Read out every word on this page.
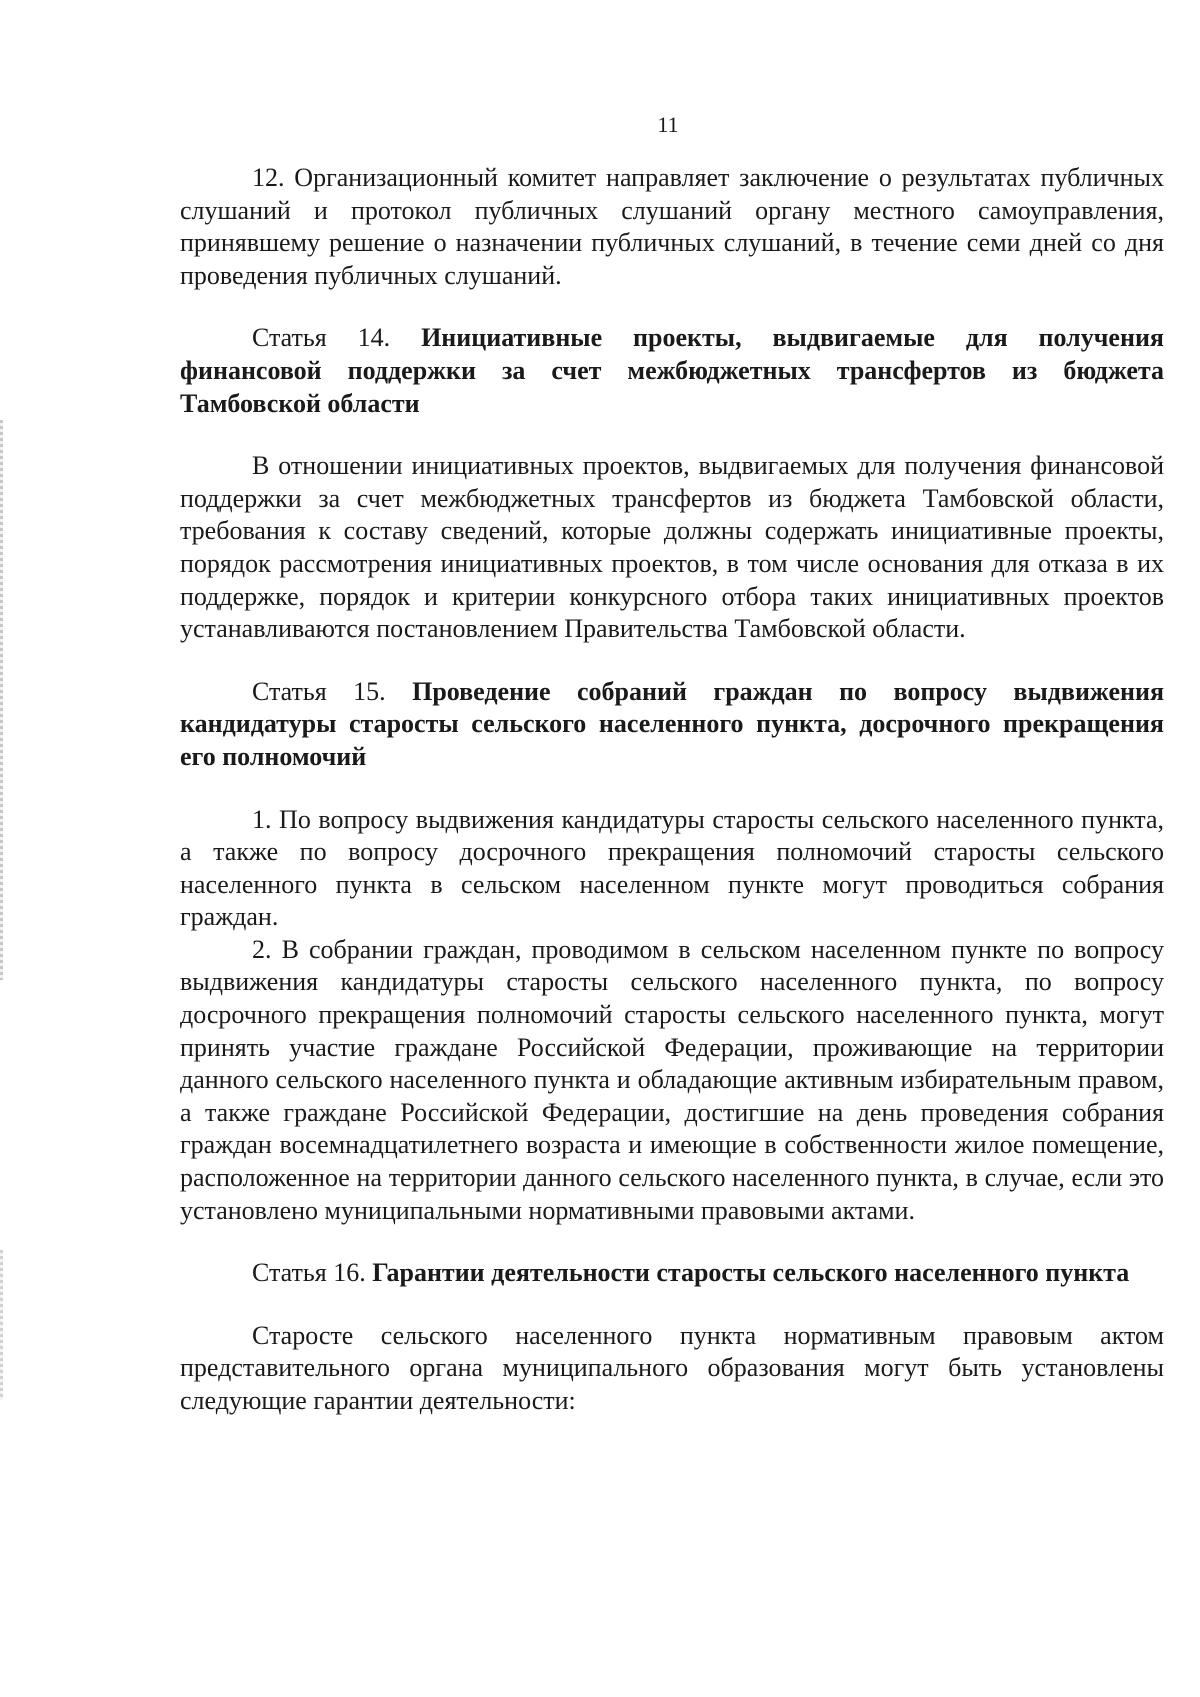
11

12. Организационный комитет направляет заключение о результатах публичных слушаний и протокол публичных слушаний органу местного самоуправления, принявшему решение о назначении публичных слушаний, в течение семи дней со дня проведения публичных слушаний.

Статья 14. Инициативные проекты, выдвигаемые для получения финансовой поддержки за счет межбюджетных трансфертов из бюджета Тамбовской области

В отношении инициативных проектов, выдвигаемых для получения финансовой поддержки за счет межбюджетных трансфертов из бюджета Тамбовской области, требования к составу сведений, которые должны содержать инициативные проекты, порядок рассмотрения инициативных проектов, в том числе основания для отказа в их поддержке, порядок и критерии конкурсного отбора таких инициативных проектов устанавливаются постановлением Правительства Тамбовской области.

Статья 15. Проведение собраний граждан по вопросу выдвижения кандидатуры старосты сельского населенного пункта, досрочного прекращения его полномочий

1. По вопросу выдвижения кандидатуры старосты сельского населенного пункта, а также по вопросу досрочного прекращения полномочий старосты сельского населенного пункта в сельском населенном пункте могут проводиться собрания граждан.

2. В собрании граждан, проводимом в сельском населенном пункте по вопросу выдвижения кандидатуры старосты сельского населенного пункта, по вопросу досрочного прекращения полномочий старосты сельского населенного пункта, могут принять участие граждане Российской Федерации, проживающие на территории данного сельского населенного пункта и обладающие активным избирательным правом, а также граждане Российской Федерации, достигшие на день проведения собрания граждан восемнадцатилетнего возраста и имеющие в собственности жилое помещение, расположенное на территории данного сельского населенного пункта, в случае, если это установлено муниципальными нормативными правовыми актами.

Статья 16. Гарантии деятельности старосты сельского населенного пункта

Старосте сельского населенного пункта нормативным правовым актом представительного органа муниципального образования могут быть установлены следующие гарантии деятельности:
